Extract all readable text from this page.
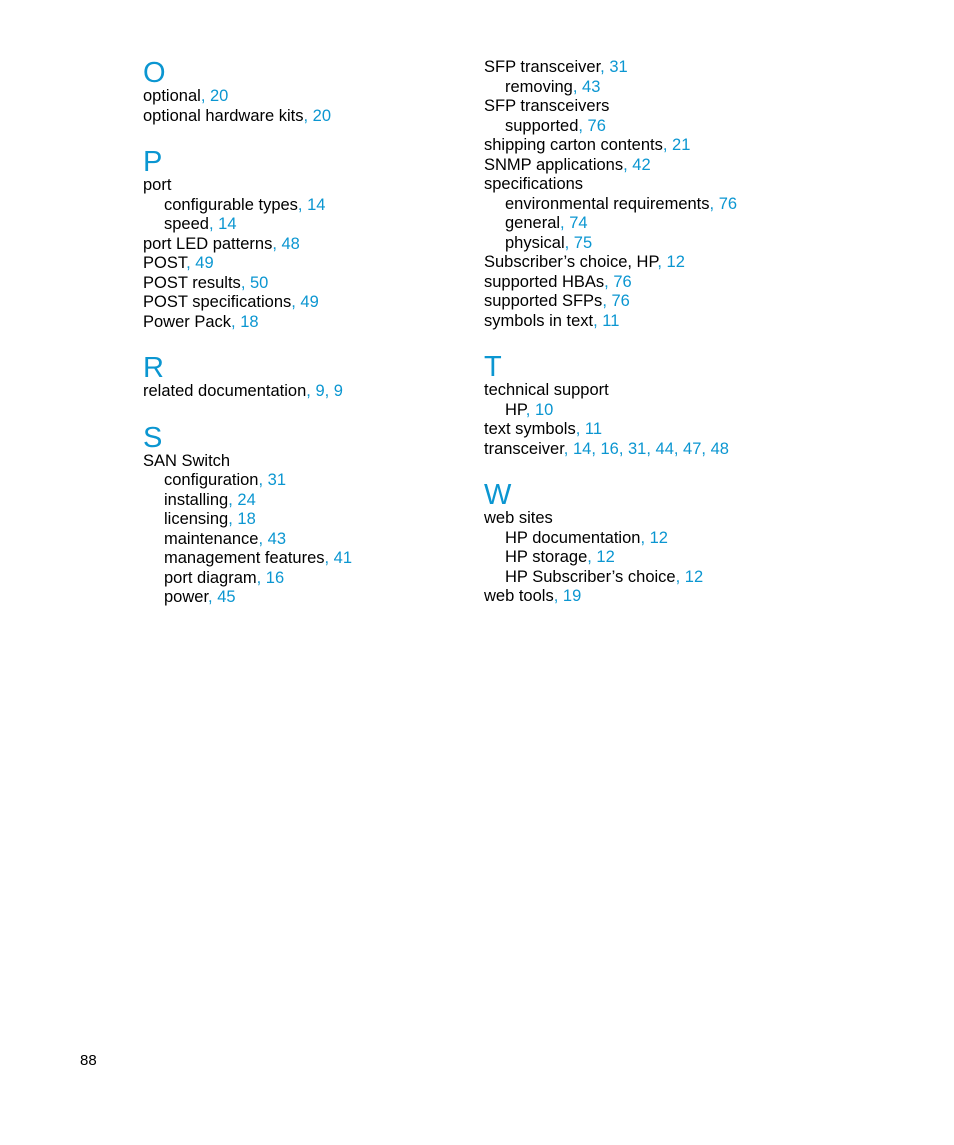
O
optional, 20
optional hardware kits, 20
P
port
configurable types, 14
speed, 14
port LED patterns, 48
POST, 49
POST results, 50
POST specifications, 49
Power Pack, 18
R
related documentation, 9, 9
S
SAN Switch
configuration, 31
installing, 24
licensing, 18
maintenance, 43
management features, 41
port diagram, 16
power, 45
SFP transceiver, 31
removing, 43
SFP transceivers
supported, 76
shipping carton contents, 21
SNMP applications, 42
specifications
environmental requirements, 76
general, 74
physical, 75
Subscriber’s choice, HP, 12
supported HBAs, 76
supported SFPs, 76
symbols in text, 11
T
technical support
HP, 10
text symbols, 11
transceiver, 14, 16, 31, 44, 47, 48
W
web sites
HP documentation, 12
HP storage, 12
HP Subscriber’s choice, 12
web tools, 19
88
